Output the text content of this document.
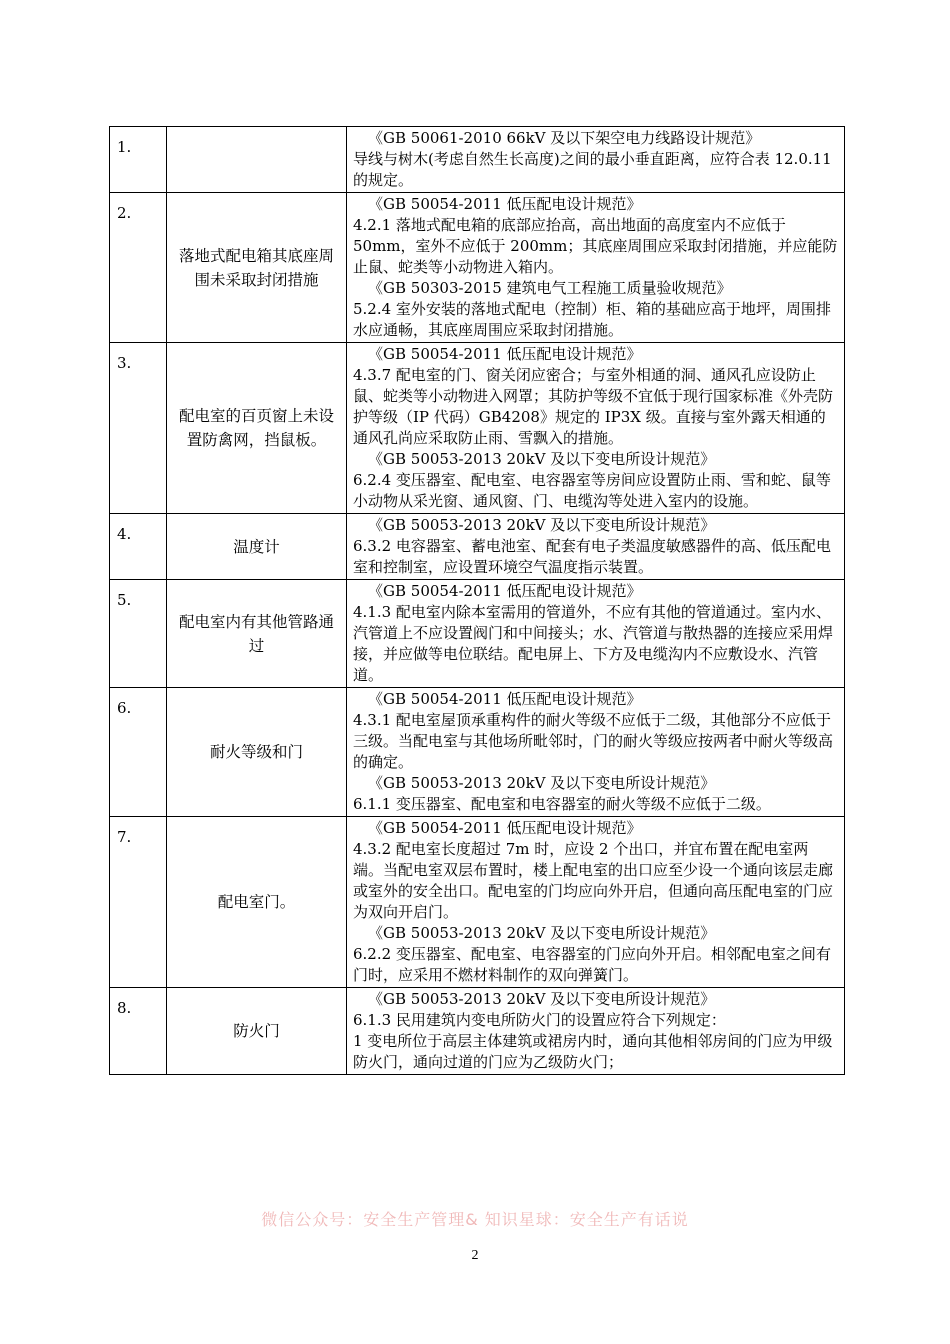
1.		《GB 50061-2010 66kV 及以下架空电力线路设计规范》

导线与树木(考虑自然生长高度)之间的最小垂直距离，应符合表 12.0.11 的规定。

2.	落地式配电箱其底座周围未采取封闭措施	《GB 50054-2011 低压配电设计规范》

4.2.1 落地式配电箱的底部应抬高，高出地面的高度室内不应低于 50mm，室外不应低于 200mm；其底座周围应采取封闭措施，并应能防止鼠、蛇类等小动物进入箱内。

《GB 50303-2015 建筑电气工程施工质量验收规范》

5.2.4 室外安装的落地式配电（控制）柜、箱的基础应高于地坪，周围排水应通畅，其底座周围应采取封闭措施。

3.	配电室的百页窗上未设置防禽网，挡鼠板。	《GB 50054-2011 低压配电设计规范》

4.3.7 配电室的门、窗关闭应密合；与室外相通的洞、通风孔应设防止鼠、蛇类等小动物进入网罩；其防护等级不宜低于现行国家标准《外壳防护等级（IP 代码）GB4208》规定的 IP3X 级。直接与室外露天相通的通风孔尚应采取防止雨、雪飘入的措施。

《GB 50053-2013 20kV 及以下变电所设计规范》

6.2.4 变压器室、配电室、电容器室等房间应设置防止雨、雪和蛇、鼠等小动物从采光窗、通风窗、门、电缆沟等处进入室内的设施。

4.	温度计	《GB 50053-2013 20kV 及以下变电所设计规范》

6.3.2 电容器室、蓄电池室、配套有电子类温度敏感器件的高、低压配电室和控制室，应设置环境空气温度指示装置。

5.	配电室内有其他管路通过	《GB 50054-2011 低压配电设计规范》

4.1.3 配电室内除本室需用的管道外，不应有其他的管道通过。室内水、汽管道上不应设置阀门和中间接头；水、汽管道与散热器的连接应采用焊接，并应做等电位联结。配电屏上、下方及电缆沟内不应敷设水、汽管道。

6.	耐火等级和门	《GB 50054-2011 低压配电设计规范》

4.3.1 配电室屋顶承重构件的耐火等级不应低于二级，其他部分不应低于三级。当配电室与其他场所毗邻时，门的耐火等级应按两者中耐火等级高的确定。

《GB 50053-2013 20kV 及以下变电所设计规范》

6.1.1 变压器室、配电室和电容器室的耐火等级不应低于二级。

7.	配电室门。	《GB 50054-2011 低压配电设计规范》

4.3.2 配电室长度超过 7m 时，应设 2 个出口，并宜布置在配电室两端。当配电室双层布置时，楼上配电室的出口应至少设一个通向该层走廊或室外的安全出口。配电室的门均应向外开启，但通向高压配电室的门应为双向开启门。

《GB 50053-2013 20kV 及以下变电所设计规范》

6.2.2 变压器室、配电室、电容器室的门应向外开启。相邻配电室之间有门时，应采用不燃材料制作的双向弹簧门。

8.	防火门	《GB 50053-2013 20kV 及以下变电所设计规范》

6.1.3 民用建筑内变电所防火门的设置应符合下列规定：

1 变电所位于高层主体建筑或裙房内时，通向其他相邻房间的门应为甲级防火门，通向过道的门应为乙级防火门；

微信公众号：安全生产管理& 知识星球：安全生产有话说
2
